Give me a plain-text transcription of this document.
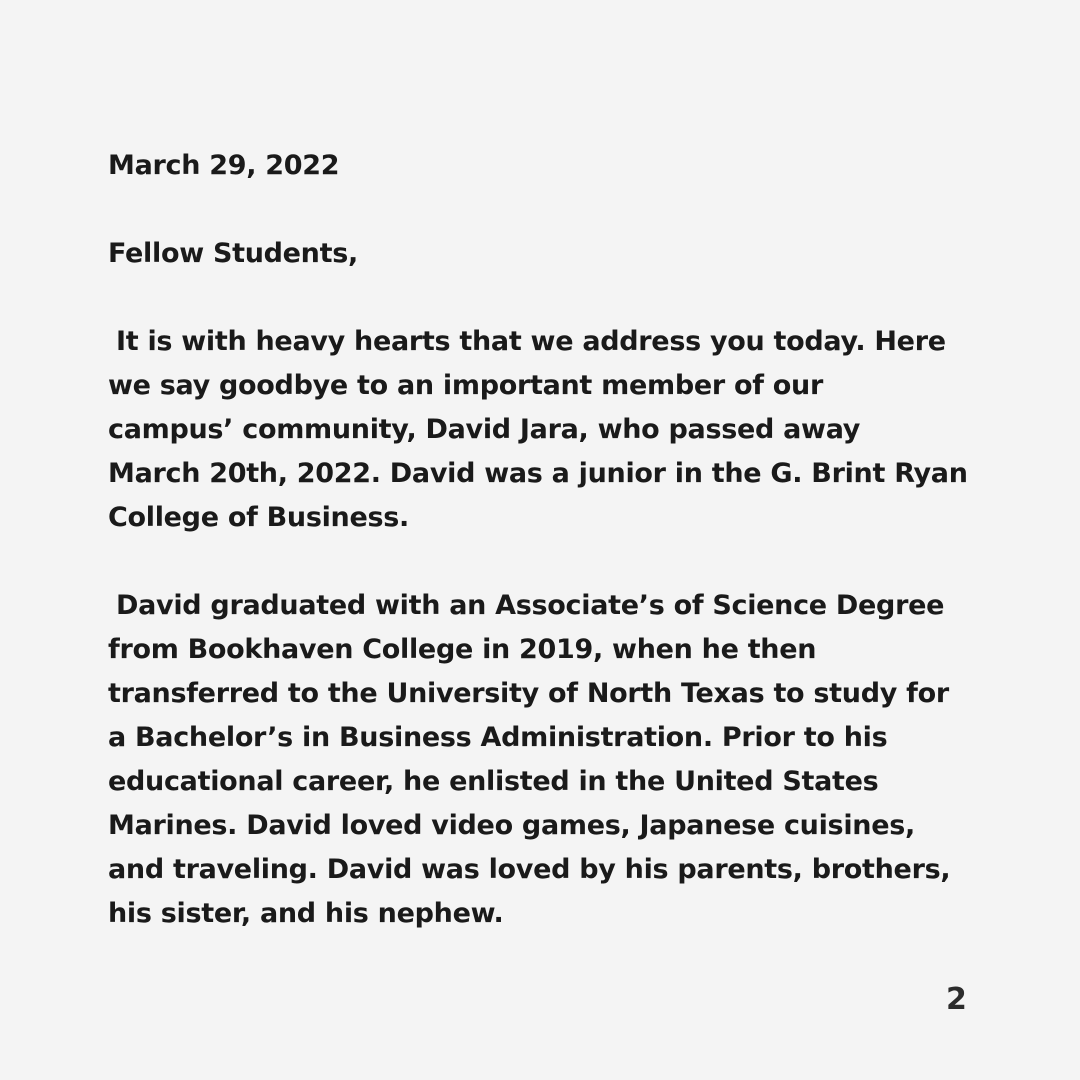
March 29, 2022
Fellow Students,
It is with heavy hearts that we address you today. Here
we say goodbye to an important member of our
campus’ community, David Jara, who passed away
March 20th, 2022. David was a junior in the G. Brint Ryan
College of Business.
David graduated with an Associate’s of Science Degree
from Bookhaven College in 2019, when he then
transferred to the University of North Texas to study for
a Bachelor’s in Business Administration. Prior to his
educational career, he enlisted in the United States
Marines. David loved video games, Japanese cuisines,
and traveling. David was loved by his parents, brothers,
his sister, and his nephew.
2
